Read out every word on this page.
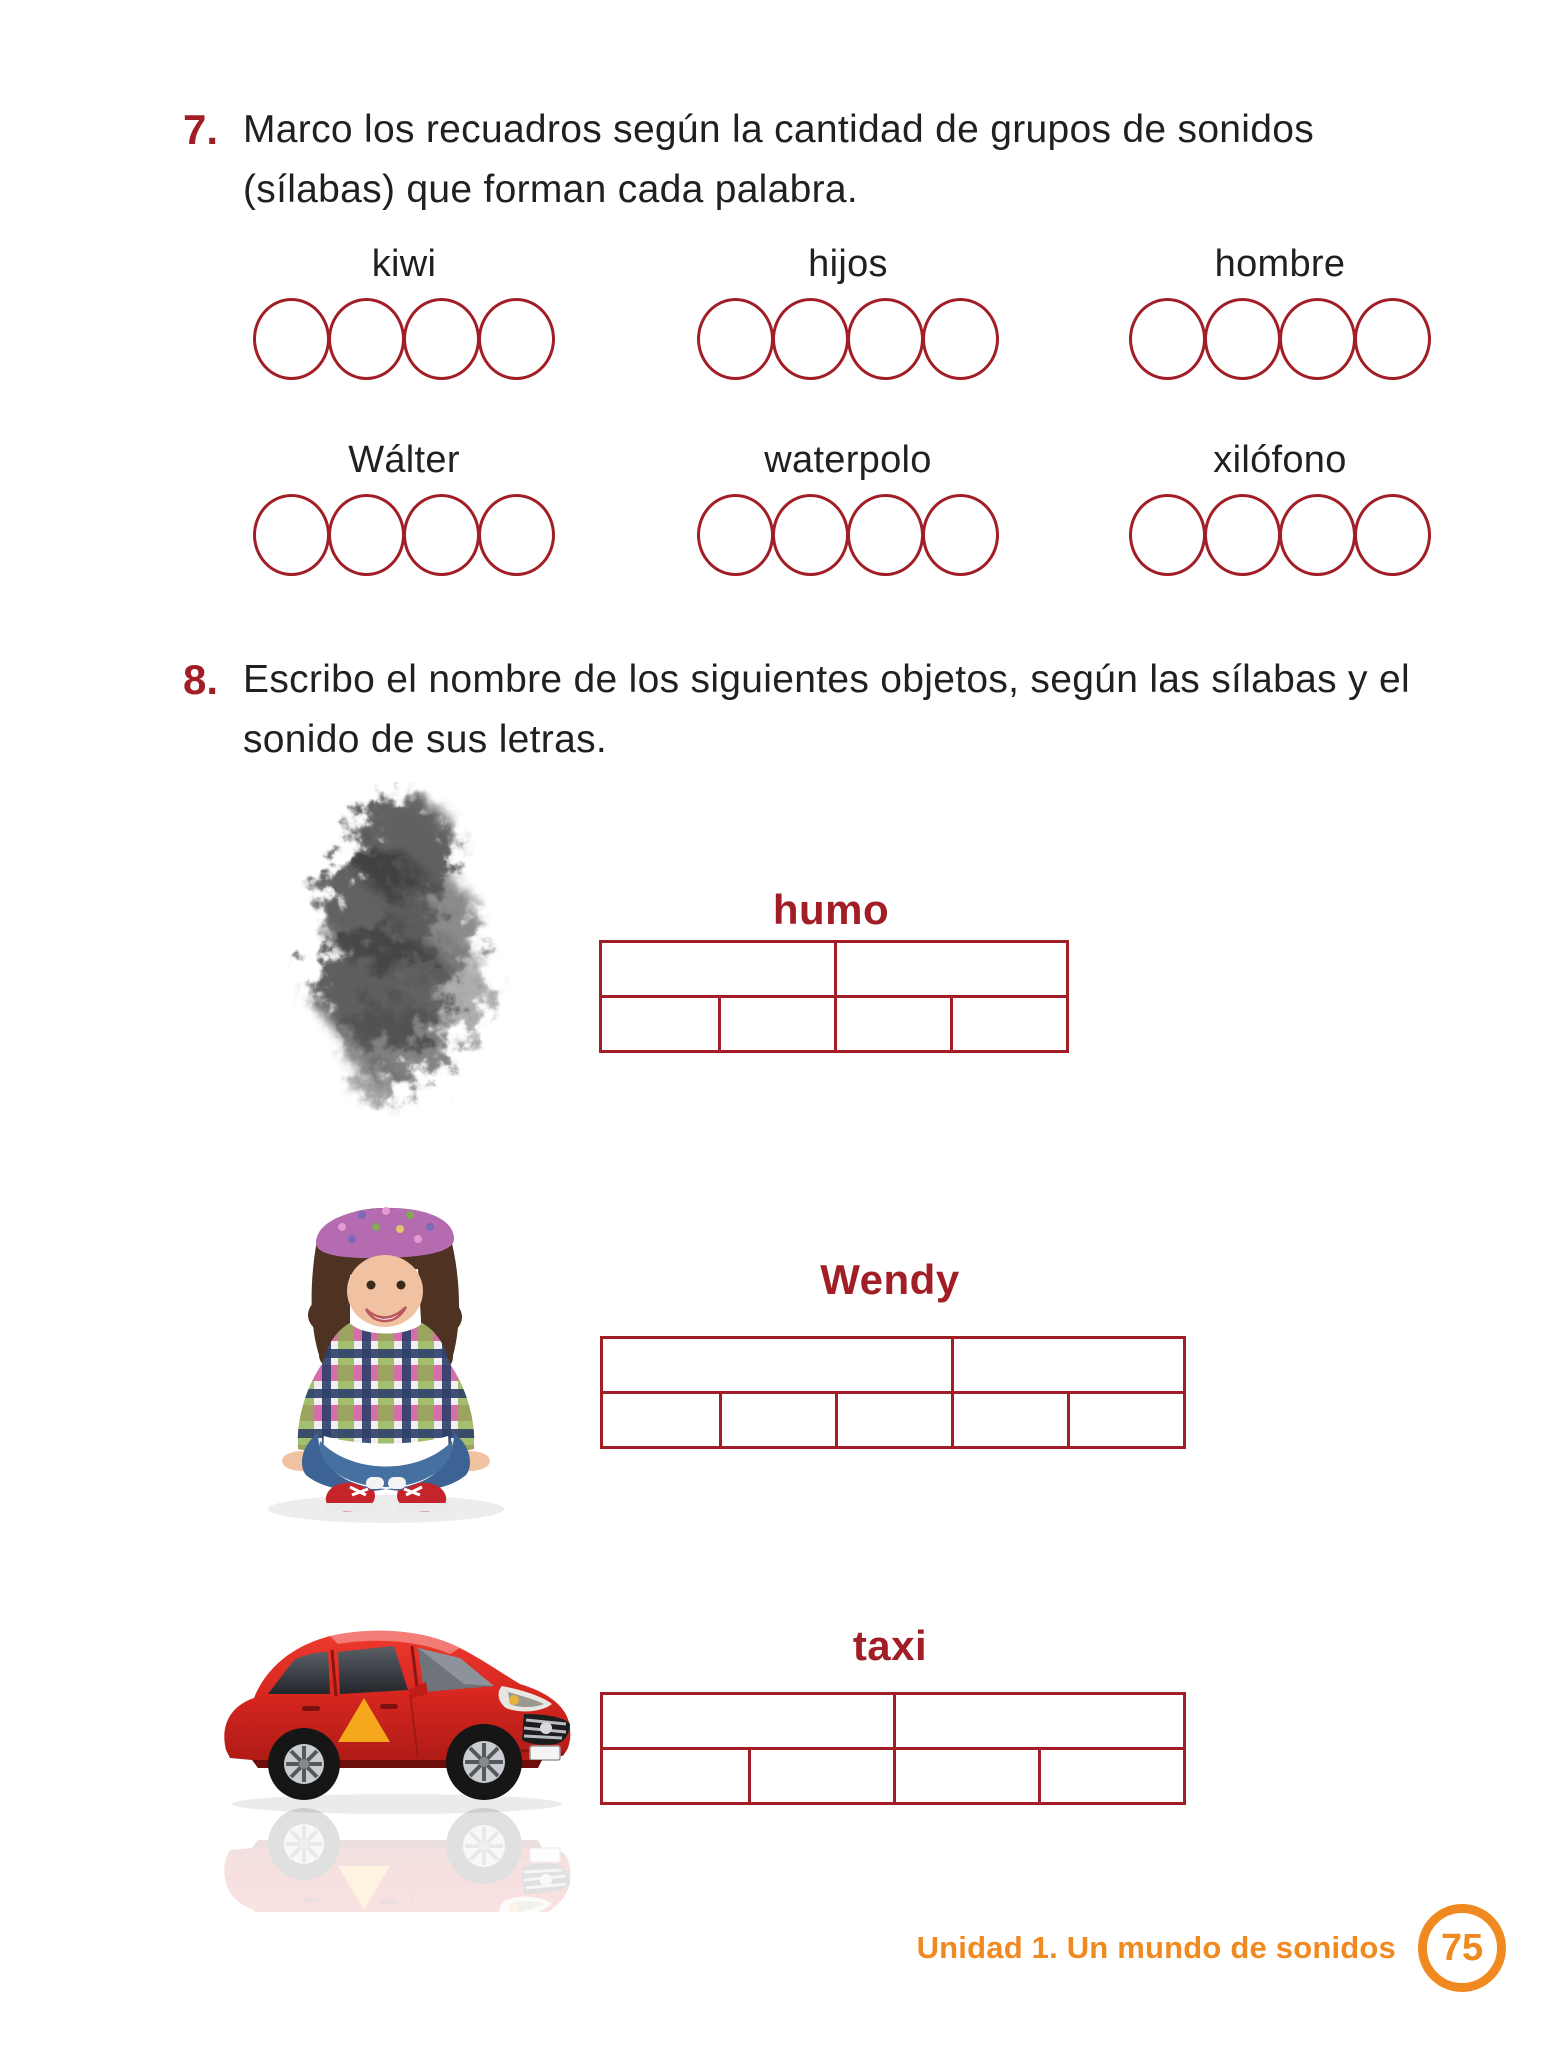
7. Marco los recuadros según la cantidad de grupos de sonidos
(sílabas) que forman cada palabra.
kiwi	hijos	hombre
Wálter	waterpolo	xilófono
8. Escribo el nombre de los siguientes objetos, según las sílabas y el
sonido de sus letras.
humo
Wendy
taxi
Unidad 1. Un mundo de sonidos 75
